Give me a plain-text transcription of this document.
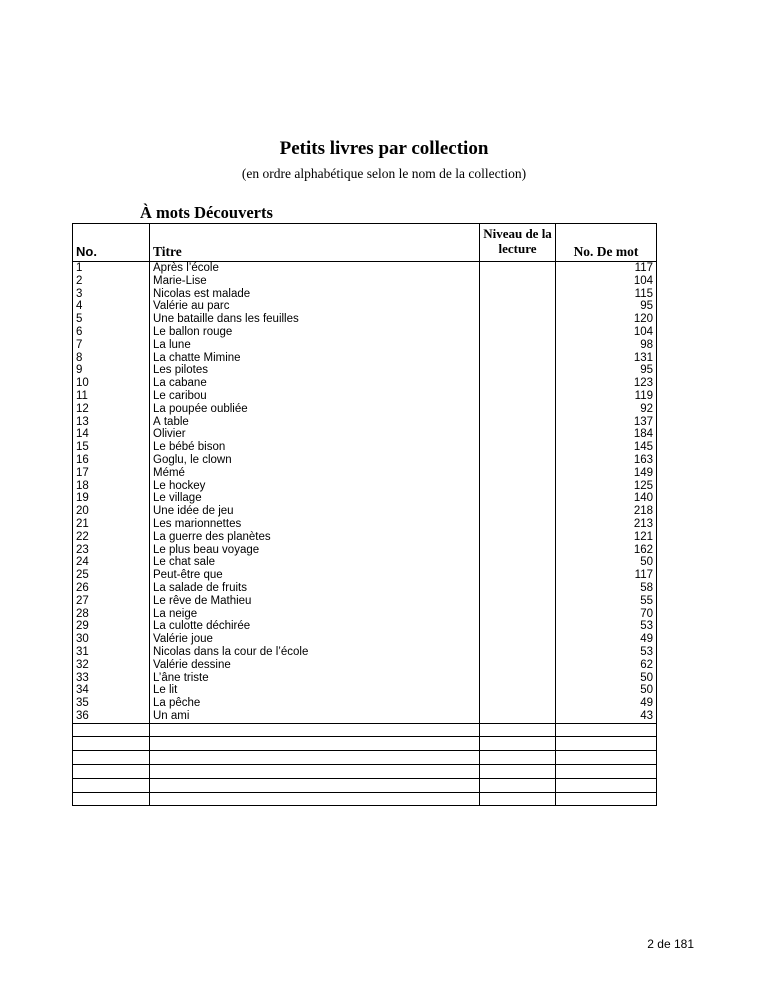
Petits livres par collection
(en ordre alphabétique selon le nom de la collection)
À mots Découverts
No.	Titre	Niveau de la lecture	No. De mot
1	Après l’école		117
2	Marie-Lise		104
3	Nicolas est malade		115
4	Valérie au parc		95
5	Une bataille dans les feuilles		120
6	Le ballon rouge		104
7	La lune		98
8	La chatte Mimine		131
9	Les pilotes		95
10	La cabane		123
11	Le caribou		119
12	La poupée oubliée		92
13	À table		137
14	Olivier		184
15	Le bébé bison		145
16	Goglu, le clown		163
17	Mémé		149
18	Le hockey		125
19	Le village		140
20	Une idée de jeu		218
21	Les marionnettes		213
22	La guerre des planètes		121
23	Le plus beau voyage		162
24	Le chat sale		50
25	Peut-être que		117
26	La salade de fruits		58
27	Le rêve de Mathieu		55
28	La neige		70
29	La culotte déchirée		53
30	Valérie joue		49
31	Nicolas dans la cour de l’école		53
32	Valérie dessine		62
33	L’âne triste		50
34	Le lit		50
35	La pêche		49
36	Un ami		43

2 de 181
